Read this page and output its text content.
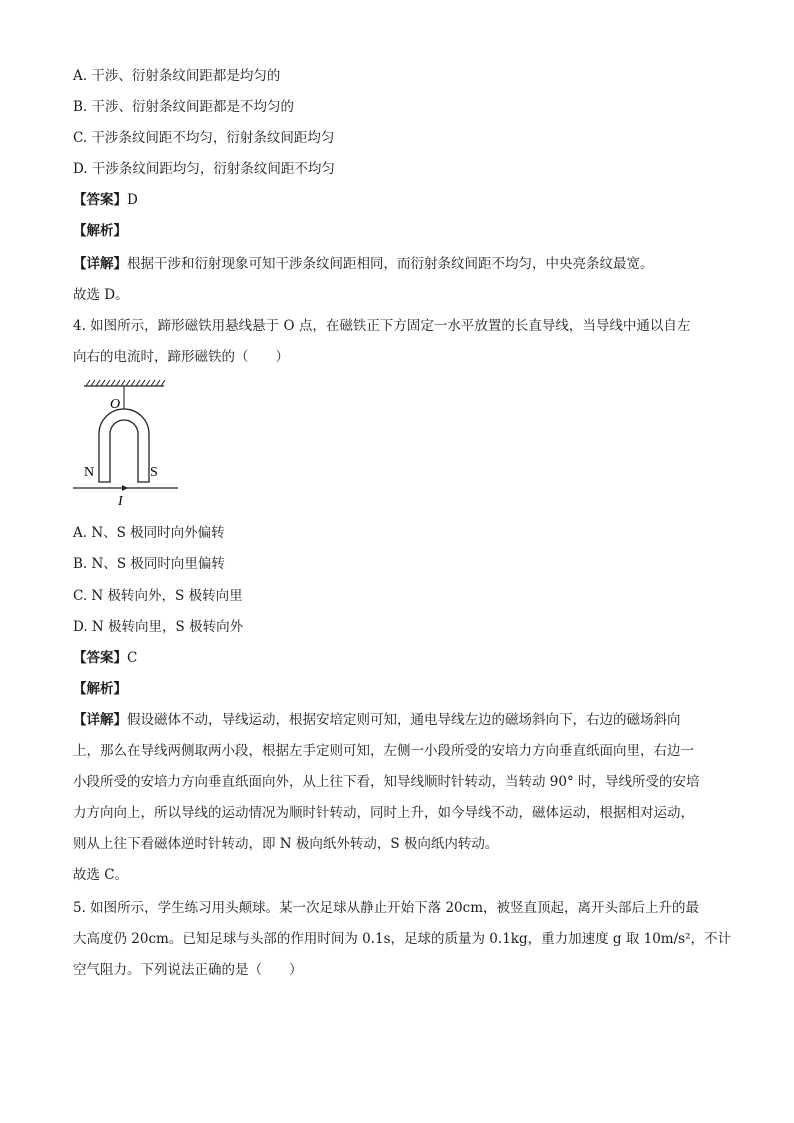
A. 干涉、衍射条纹间距都是均匀的
B. 干涉、衍射条纹间距都是不均匀的
C. 干涉条纹间距不均匀，衍射条纹间距均匀
D. 干涉条纹间距均匀，衍射条纹间距不均匀
【答案】D
【解析】
【详解】根据干涉和衍射现象可知干涉条纹间距相同，而衍射条纹间距不均匀，中央亮条纹最宽。
故选 D。
4. 如图所示，蹄形磁铁用悬线悬于 O 点，在磁铁正下方固定一水平放置的长直导线，当导线中通以自左
向右的电流时，蹄形磁铁的（　　）
O
N	S
I
A. N、S 极同时向外偏转
B. N、S 极同时向里偏转
C. N 极转向外，S 极转向里
D. N 极转向里，S 极转向外
【答案】C
【解析】
【详解】假设磁体不动，导线运动，根据安培定则可知，通电导线左边的磁场斜向下，右边的磁场斜向
上，那么在导线两侧取两小段，根据左手定则可知，左侧一小段所受的安培力方向垂直纸面向里，右边一
小段所受的安培力方向垂直纸面向外，从上往下看，知导线顺时针转动，当转动 90° 时，导线所受的安培
力方向向上，所以导线的运动情况为顺时针转动，同时上升，如今导线不动，磁体运动，根据相对运动，
则从上往下看磁体逆时针转动，即 N 极向纸外转动，S 极向纸内转动。
故选 C。
5. 如图所示，学生练习用头颠球。某一次足球从静止开始下落 20cm，被竖直顶起，离开头部后上升的最
大高度仍 20cm。已知足球与头部的作用时间为 0.1s，足球的质量为 0.1kg，重力加速度 g 取 10m/s²，不计
空气阻力。下列说法正确的是（　　）
